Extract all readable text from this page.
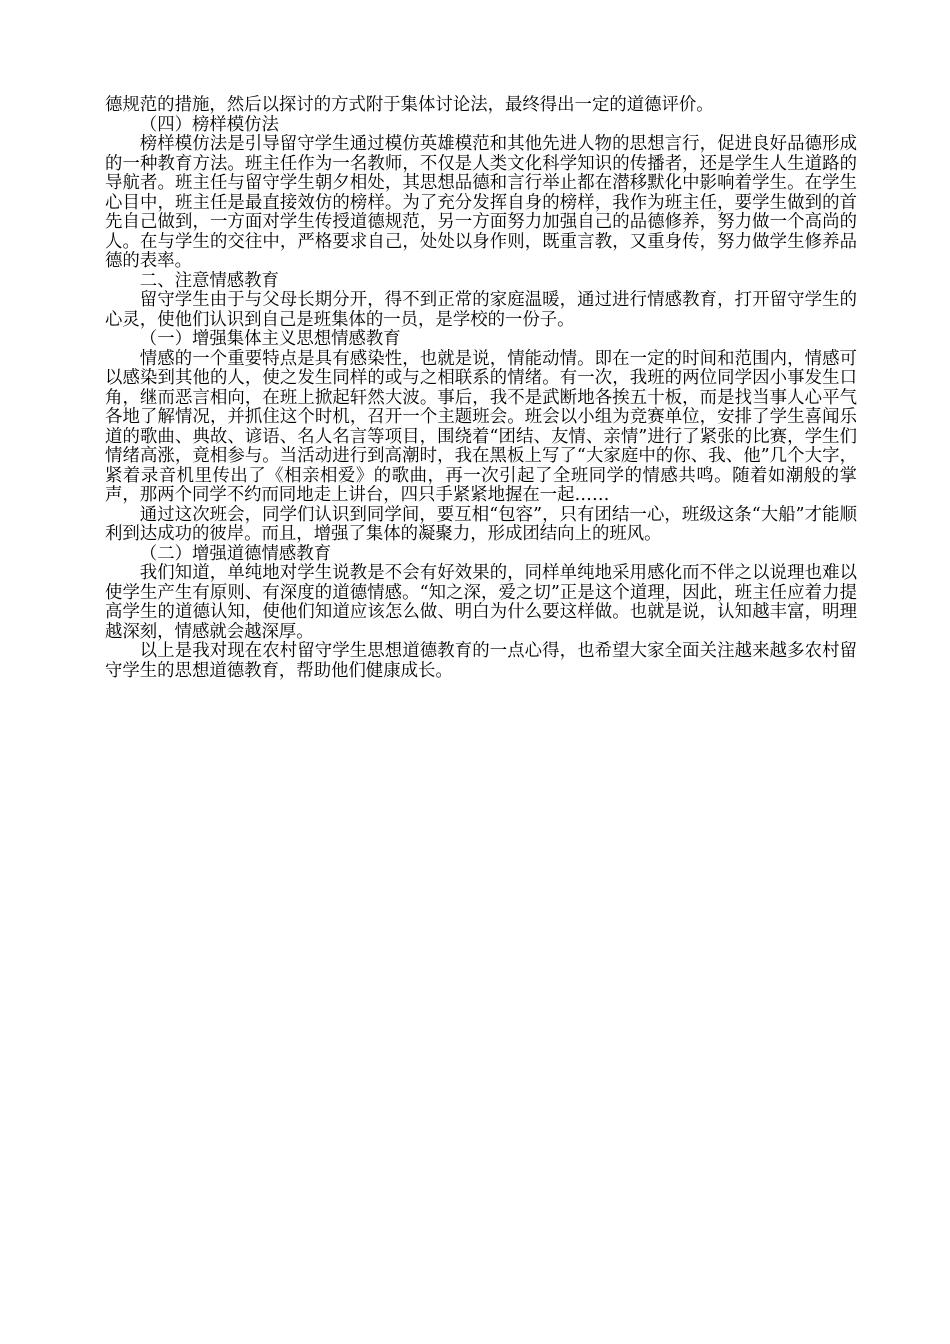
德规范的措施，然后以探讨的方式附于集体讨论法，最终得出一定的道德评价。

（四）榜样模仿法

榜样模仿法是引导留守学生通过模仿英雄模范和其他先进人物的思想言行，促进良好品德形成的一种教育方法。班主任作为一名教师，不仅是人类文化科学知识的传播者，还是学生人生道路的导航者。班主任与留守学生朝夕相处，其思想品德和言行举止都在潜移默化中影响着学生。在学生心目中，班主任是最直接效仿的榜样。为了充分发挥自身的榜样，我作为班主任，要学生做到的首先自己做到，一方面对学生传授道德规范，另一方面努力加强自己的品德修养，努力做一个高尚的人。在与学生的交往中，严格要求自己，处处以身作则，既重言教，又重身传，努力做学生修养品德的表率。

二、注意情感教育

留守学生由于与父母长期分开，得不到正常的家庭温暖，通过进行情感教育，打开留守学生的心灵，使他们认识到自己是班集体的一员，是学校的一份子。

（一）增强集体主义思想情感教育

情感的一个重要特点是具有感染性，也就是说，情能动情。即在一定的时间和范围内，情感可以感染到其他的人，使之发生同样的或与之相联系的情绪。有一次，我班的两位同学因小事发生口角，继而恶言相向，在班上掀起轩然大波。事后，我不是武断地各挨五十板，而是找当事人心平气各地了解情况，并抓住这个时机，召开一个主题班会。班会以小组为竞赛单位，安排了学生喜闻乐道的歌曲、典故、谚语、名人名言等项目，围绕着“团结、友情、亲情”进行了紧张的比赛，学生们情绪高涨，竟相参与。当活动进行到高潮时，我在黑板上写了“大家庭中的你、我、他”几个大字，紧着录音机里传出了《相亲相爱》的歌曲，再一次引起了全班同学的情感共鸣。随着如潮般的掌声，那两个同学不约而同地走上讲台，四只手紧紧地握在一起……

通过这次班会，同学们认识到同学间，要互相“包容”，只有团结一心，班级这条“大船”才能顺利到达成功的彼岸。而且，增强了集体的凝聚力，形成团结向上的班风。

（二）增强道德情感教育

我们知道，单纯地对学生说教是不会有好效果的，同样单纯地采用感化而不伴之以说理也难以使学生产生有原则、有深度的道德情感。“知之深，爱之切”正是这个道理，因此，班主任应着力提高学生的道德认知，使他们知道应该怎么做、明白为什么要这样做。也就是说，认知越丰富，明理越深刻，情感就会越深厚。

以上是我对现在农村留守学生思想道德教育的一点心得，也希望大家全面关注越来越多农村留守学生的思想道德教育，帮助他们健康成长。
